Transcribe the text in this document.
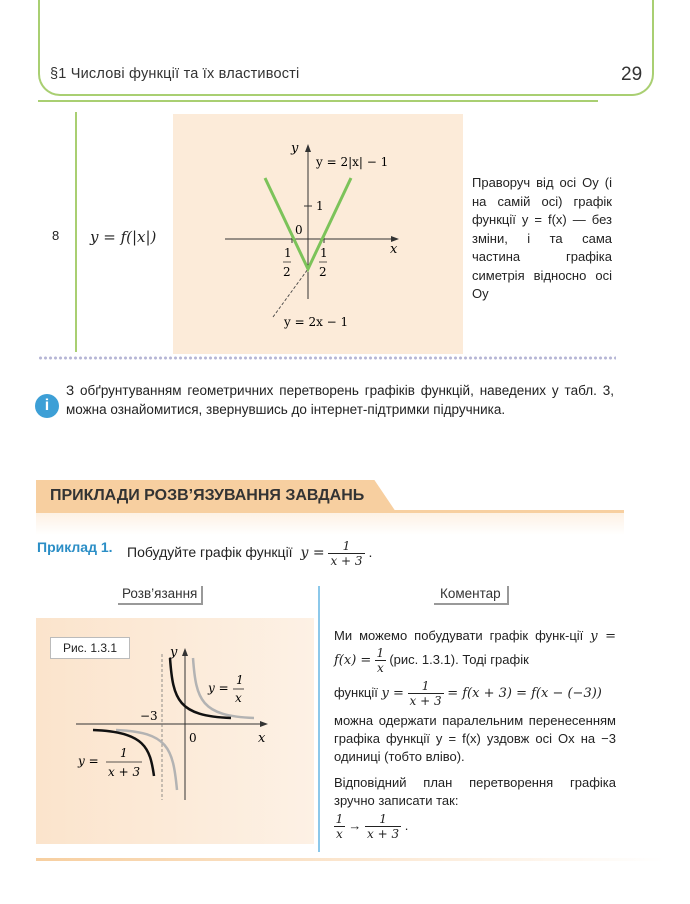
§1 Числові функції та їх властивості	29
8 y = f(|x|)
y
x
0
y = 2|x| − 1
y = 2x − 1
1
1 1
2 2
Праворуч від осі Oy (і на самій осі) графік функції y = f(x) — без зміни, і та сама частина графіка симетрія відносно осі Oy
i
З обґрунтуванням геометричних перетворень графіків функцій, наведених у табл. 3, можна ознайомитися, звернувшись до інтернет-підтримки підручника.
ПРИКЛАДИ РОЗВ’ЯЗУВАННЯ ЗАВДАНЬ
Приклад 1. Побудуйте графік функції $y = \frac{1}{x + 3}$ .
Розв’язання	Коментар
Рис. 1.3.1	y
x
0
−3
y =
1
x
y =
1
x + 3
Ми можемо побудувати графік функ-ції $y = f(x) = \frac{1}{x} (рис$. 1.3.1). Тоді графік
функції $y = \frac{1}{x + 3} = f(x + 3) = f(x - (-3))$
можна одержати паралельним перенесенням графіка функції y = f(x) уздовж осі Ox на −3 одиниці (тобто вліво).
Відповідний план перетворення графіка зручно записати так:
$\frac{1}{x} \to \frac{1}{x + 3}$ .
